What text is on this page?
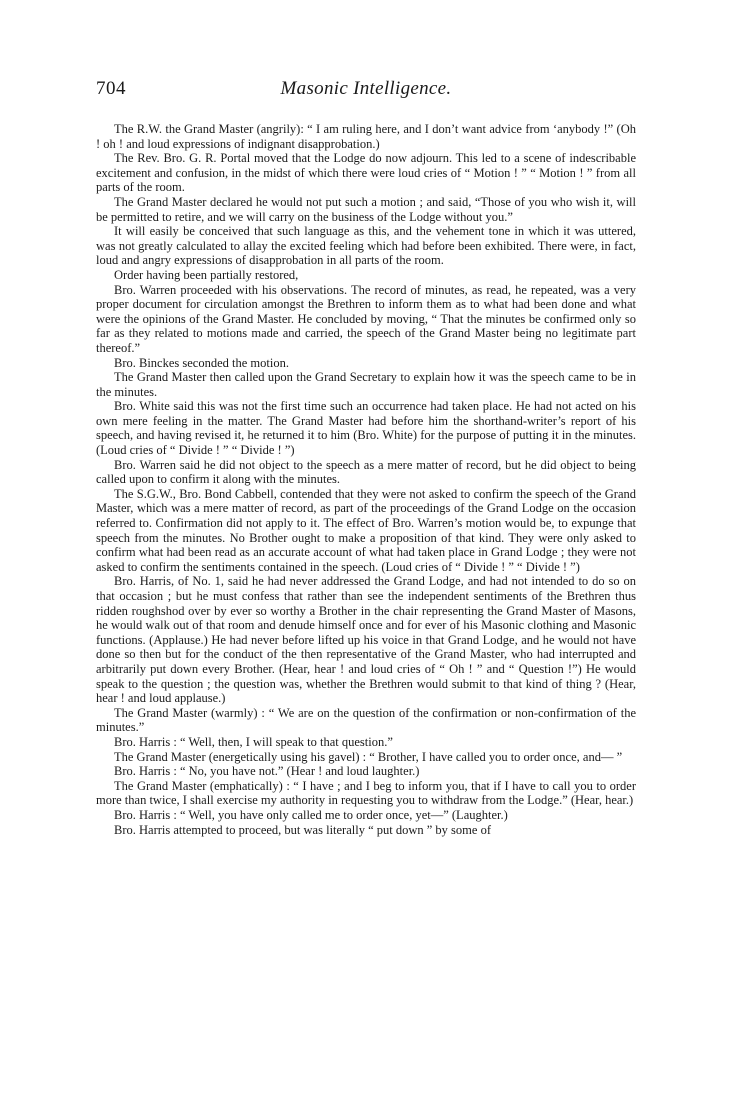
704	Masonic Intelligence.

The R.W. the Grand Master (angrily): “ I am ruling here, and I don’t want advice from ‘anybody !” (Oh ! oh ! and loud expressions of indignant disapprobation.)

The Rev. Bro. G. R. Portal moved that the Lodge do now adjourn. This led to a scene of indescribable excitement and confusion, in the midst of which there were loud cries of “ Motion ! ” “ Motion ! ” from all parts of the room.

The Grand Master declared he would not put such a motion ; and said, “Those of you who wish it, will be permitted to retire, and we will carry on the business of the Lodge without you.”

It will easily be conceived that such language as this, and the vehement tone in which it was uttered, was not greatly calculated to allay the excited feeling which had before been exhibited. There were, in fact, loud and angry expressions of disapprobation in all parts of the room.

Order having been partially restored,

Bro. Warren proceeded with his observations. The record of minutes, as read, he repeated, was a very proper document for circulation amongst the Brethren to inform them as to what had been done and what were the opinions of the Grand Master. He concluded by moving, “ That the minutes be confirmed only so far as they related to motions made and carried, the speech of the Grand Master being no legitimate part thereof.”

Bro. Binckes seconded the motion.

The Grand Master then called upon the Grand Secretary to explain how it was the speech came to be in the minutes.

Bro. White said this was not the first time such an occurrence had taken place. He had not acted on his own mere feeling in the matter. The Grand Master had before him the shorthand-writer’s report of his speech, and having revised it, he returned it to him (Bro. White) for the purpose of putting it in the minutes. (Loud cries of “ Divide ! ” “ Divide ! ”)

Bro. Warren said he did not object to the speech as a mere matter of record, but he did object to being called upon to confirm it along with the minutes.

The S.G.W., Bro. Bond Cabbell, contended that they were not asked to confirm the speech of the Grand Master, which was a mere matter of record, as part of the proceedings of the Grand Lodge on the occasion referred to. Confirmation did not apply to it. The effect of Bro. Warren’s motion would be, to expunge that speech from the minutes. No Brother ought to make a proposition of that kind. They were only asked to confirm what had been read as an accurate account of what had taken place in Grand Lodge ; they were not asked to confirm the sentiments contained in the speech. (Loud cries of “ Divide ! ” “ Divide ! ”)

Bro. Harris, of No. 1, said he had never addressed the Grand Lodge, and had not intended to do so on that occasion ; but he must confess that rather than see the independent sentiments of the Brethren thus ridden roughshod over by ever so worthy a Brother in the chair representing the Grand Master of Masons, he would walk out of that room and denude himself once and for ever of his Masonic clothing and Masonic functions. (Applause.) He had never before lifted up his voice in that Grand Lodge, and he would not have done so then but for the conduct of the then representative of the Grand Master, who had interrupted and arbitrarily put down every Brother. (Hear, hear ! and loud cries of “ Oh ! ” and “ Question !”) He would speak to the question ; the question was, whether the Brethren would submit to that kind of thing ? (Hear, hear ! and loud applause.)

The Grand Master (warmly) : “ We are on the question of the confirmation or non-confirmation of the minutes.”

Bro. Harris : “ Well, then, I will speak to that question.”

The Grand Master (energetically using his gavel) : “ Brother, I have called you to order once, and— ”

Bro. Harris : “ No, you have not.” (Hear ! and loud laughter.)

The Grand Master (emphatically) : “ I have ; and I beg to inform you, that if I have to call you to order more than twice, I shall exercise my authority in requesting you to withdraw from the Lodge.” (Hear, hear.)

Bro. Harris : “ Well, you have only called me to order once, yet—” (Laughter.)

Bro. Harris attempted to proceed, but was literally “ put down ” by some of
